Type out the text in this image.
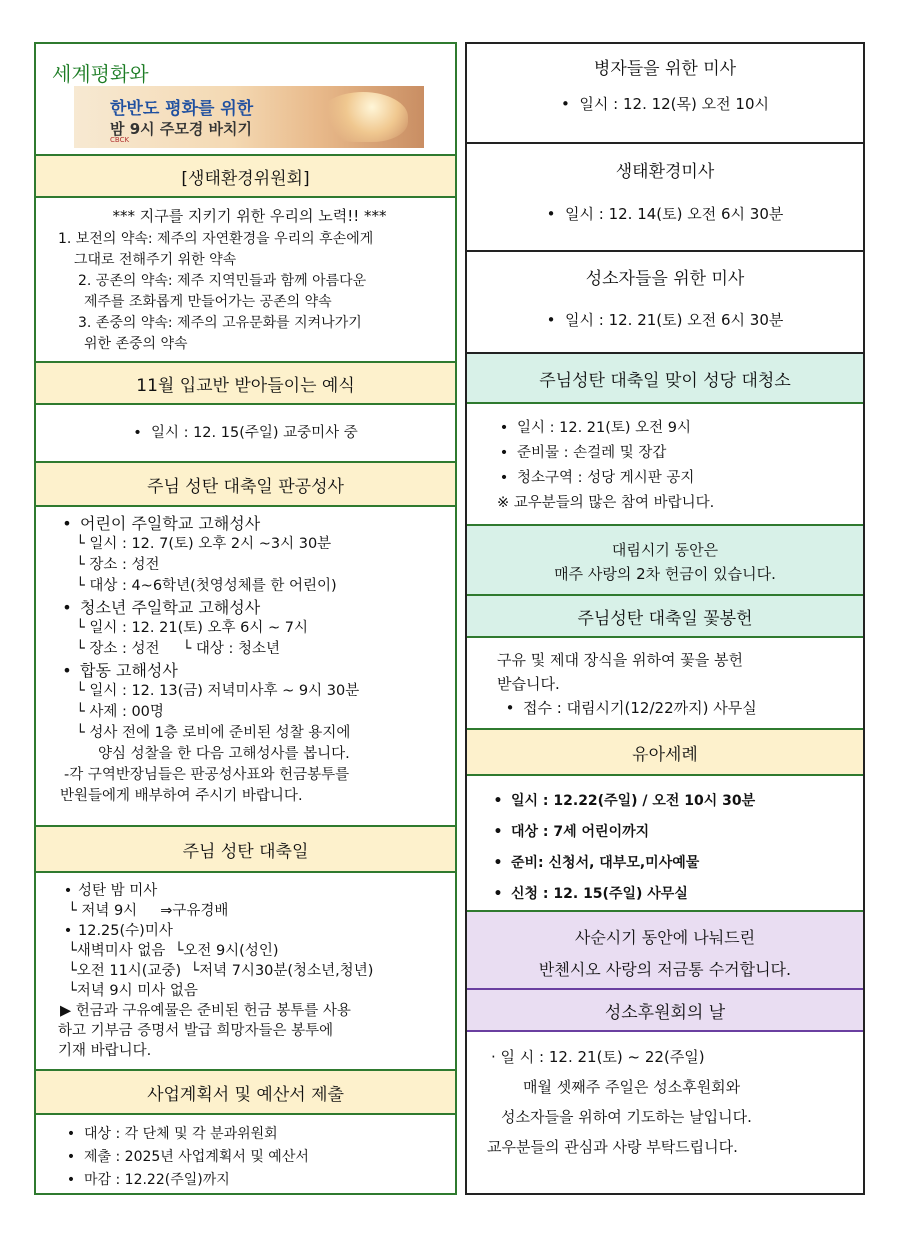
세계평화와
한반도 평화를 위한
밤 9시 주모경 바치기
CBCK
[생태환경위원회]
*** 지구를 지키기 위한 우리의 노력!! ***
1. 보전의 약속: 제주의 자연환경을 우리의 후손에게
그대로 전해주기 위한 약속
2. 공존의 약속: 제주 지역민들과 함께 아름다운
제주를 조화롭게 만들어가는 공존의 약속
3. 존중의 약속: 제주의 고유문화를 지켜나가기
위한 존중의 약속
11월 입교반 받아들이는 예식
• 일시 : 12. 15(주일) 교중미사 중
주님 성탄 대축일 판공성사
• 어린이 주일학교 고해성사
└ 일시 : 12. 7(토) 오후 2시 ~3시 30분
└ 장소 : 성전
└ 대상 : 4~6학년(첫영성체를 한 어린이)
• 청소년 주일학교 고해성사
└ 일시 : 12. 21(토) 오후 6시 ~ 7시
└ 장소 : 성전     └ 대상 : 청소년
• 합동 고해성사
└ 일시 : 12. 13(금) 저녁미사후 ~ 9시 30분
└ 사제 : 00명
└ 성사 전에 1층 로비에 준비된 성찰 용지에
양심 성찰을 한 다음 고해성사를 봅니다.
-각 구역반장님들은 판공성사표와 헌금봉투를
반원들에게 배부하여 주시기 바랍니다.
주님 성탄 대축일
• 성탄 밤 미사
└ 저녁 9시     ⇒구유경배
• 12.25(수)미사
└새벽미사 없음  └오전 9시(성인)
└오전 11시(교중)  └저녁 7시30분(청소년,청년)
└저녁 9시 미사 없음
▶ 헌금과 구유예물은 준비된 헌금 봉투를 사용
하고 기부금 증명서 발급 희망자들은 봉투에
기재 바랍니다.
사업계획서 및 예산서 제출
• 대상 : 각 단체 및 각 분과위원회
• 제출 : 2025년 사업계획서 및 예산서
• 마감 : 12.22(주일)까지
병자들을 위한 미사
•  일시 : 12. 12(목) 오전 10시
생태환경미사
•  일시 : 12. 14(토) 오전 6시 30분
성소자들을 위한 미사
•  일시 : 12. 21(토) 오전 6시 30분
주님성탄 대축일 맞이 성당 대청소
• 일시 : 12. 21(토) 오전 9시
• 준비물 : 손걸레 및 장갑
• 청소구역 : 성당 게시판 공지
※ 교우분들의 많은 참여 바랍니다.
대림시기 동안은
매주 사랑의 2차 헌금이 있습니다.
주님성탄 대축일 꽃봉헌
구유 및 제대 장식을 위하여 꽃을 봉헌
받습니다.
• 접수 : 대림시기(12/22까지) 사무실
유아세례
• 일시 : 12.22(주일) / 오전 10시 30분
• 대상 : 7세 어린이까지
• 준비: 신청서, 대부모,미사예물
• 신청 : 12. 15(주일) 사무실
사순시기 동안에 나눠드린
반첸시오 사랑의 저금통 수거합니다.
성소후원회의 날
· 일 시 : 12. 21(토) ~ 22(주일)
매월 셋째주 주일은 성소후원회와
성소자들을 위하여 기도하는 날입니다.
교우분들의 관심과 사랑 부탁드립니다.
